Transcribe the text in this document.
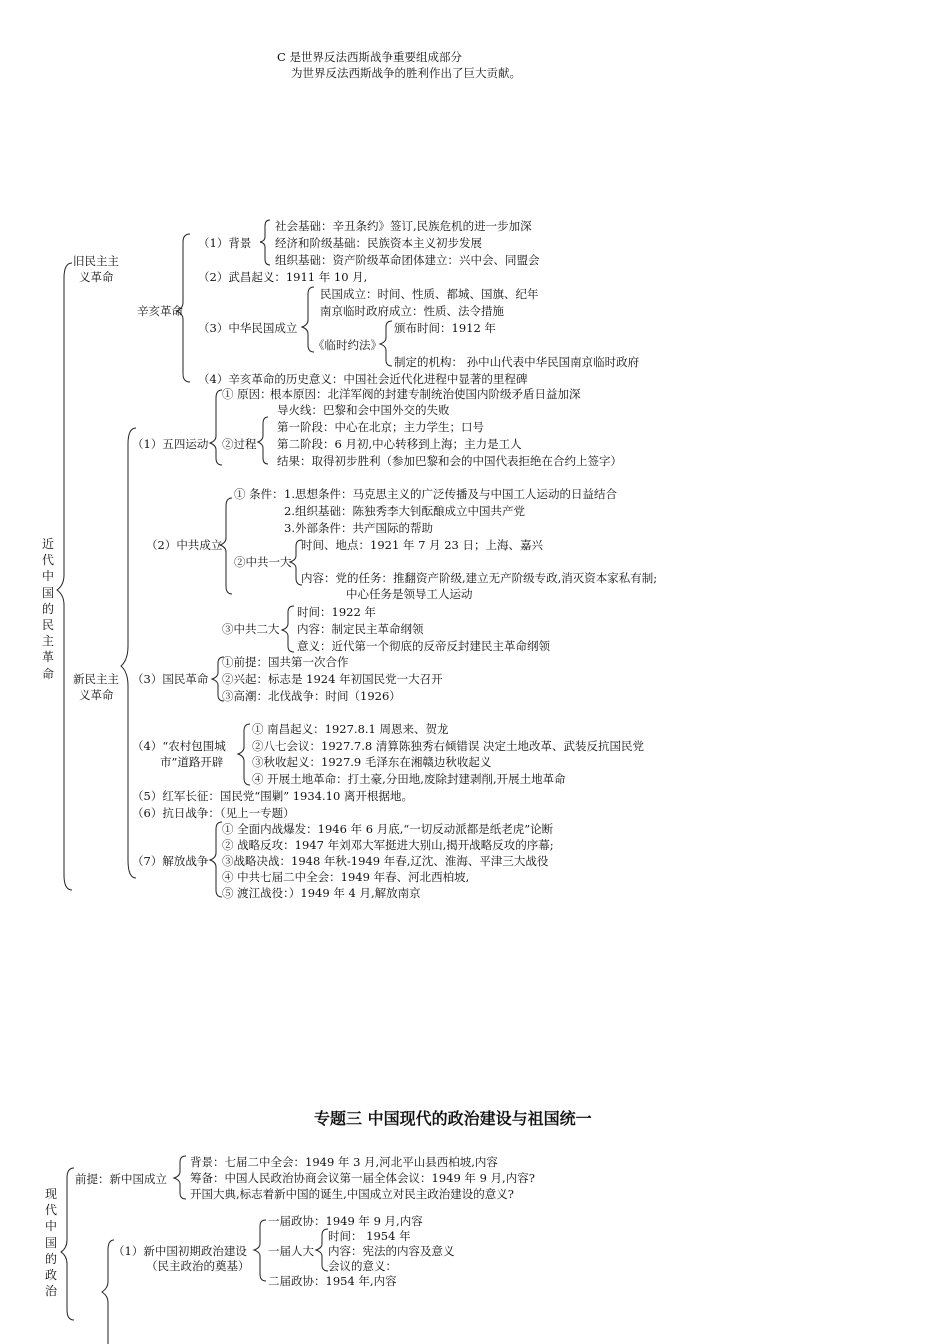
C 是世界反法西斯战争重要组成部分
为世界反法西斯战争的胜利作出了巨大贡献。
近代中国的民主革命
旧民主主
义革命
辛亥革命
（1）背景
社会基础：辛丑条约》签订,民族危机的进一步加深
经济和阶级基础：民族资本主义初步发展
组织基础：资产阶级革命团体建立：兴中会、同盟会
（2）武昌起义：1911 年 10 月,
（3）中华民国成立
民国成立：时间、性质、都城、国旗、纪年
南京临时政府成立：性质、法令措施
《临时约法》
颁布时间：1912 年
制定的机构： 孙中山代表中华民国南京临时政府
（4）辛亥革命的历史意义：中国社会近代化进程中显著的里程碑
新民主主
义革命
（1）五四运动
① 原因：
根本原因：北洋军阀的封建专制统治使国内阶级矛盾日益加深
导火线：巴黎和会中国外交的失败
②过程
第一阶段：中心在北京；主力学生；口号
第二阶段：6 月初,中心转移到上海；主力是工人
结果：取得初步胜利（参加巴黎和会的中国代表拒绝在合约上签字）
（2）中共成立
① 条件： 1.思想条件：马克思主义的广泛传播及与中国工人运动的日益结合
2.组织基础：陈独秀李大钊酝酿成立中国共产党
3.外部条件：共产国际的帮助
②中共一大
时间、地点：1921 年 7 月 23 日；上海、嘉兴
内容：党的任务：推翻资产阶级,建立无产阶级专政,消灭资本家私有制;
中心任务是领导工人运动
③中共二大
时间：1922 年
内容：制定民主革命纲领
意义：近代第一个彻底的反帝反封建民主革命纲领
（3）国民革命
①前提：国共第一次合作
②兴起：标志是 1924 年初国民党一大召开
③高潮：北伐战争：时间（1926）
（4）“农村包围城
市”道路开辟
① 南昌起义：1927.8.1 周恩来、贺龙
②八七会议：1927.7.8 清算陈独秀右倾错误 决定土地改革、武装反抗国民党
③秋收起义：1927.9 毛泽东在湘赣边秋收起义
④ 开展土地革命：打土豪,分田地,废除封建剥削,开展土地革命
（5）红军长征：国民党“围剿” 1934.10 离开根据地。
（6）抗日战争：（见上一专题）
（7）解放战争
① 全面内战爆发：1946 年 6 月底,“一切反动派都是纸老虎”论断
② 战略反攻：1947 年刘邓大军挺进大别山,揭开战略反攻的序幕;
③战略决战：1948 年秋-1949 年春,辽沈、淮海、平津三大战役
④ 中共七届二中全会：1949 年春、河北西柏坡,
⑤ 渡江战役：）1949 年 4 月,解放南京
专题三 中国现代的政治建设与祖国统一
现代中国的政治
前提：新中国成立
背景：七届二中全会：1949 年 3 月,河北平山县西柏坡,内容
筹备：中国人民政治协商会议第一届全体会议：1949 年 9 月,内容?
开国大典,标志着新中国的诞生,中国成立对民主政治建设的意义?
（1）新中国初期政治建设
（民主政治的奠基）
一届政协：1949 年 9 月,内容
一届人大
时间： 1954 年
内容：宪法的内容及意义
会议的意义：
二届政协：1954 年,内容
